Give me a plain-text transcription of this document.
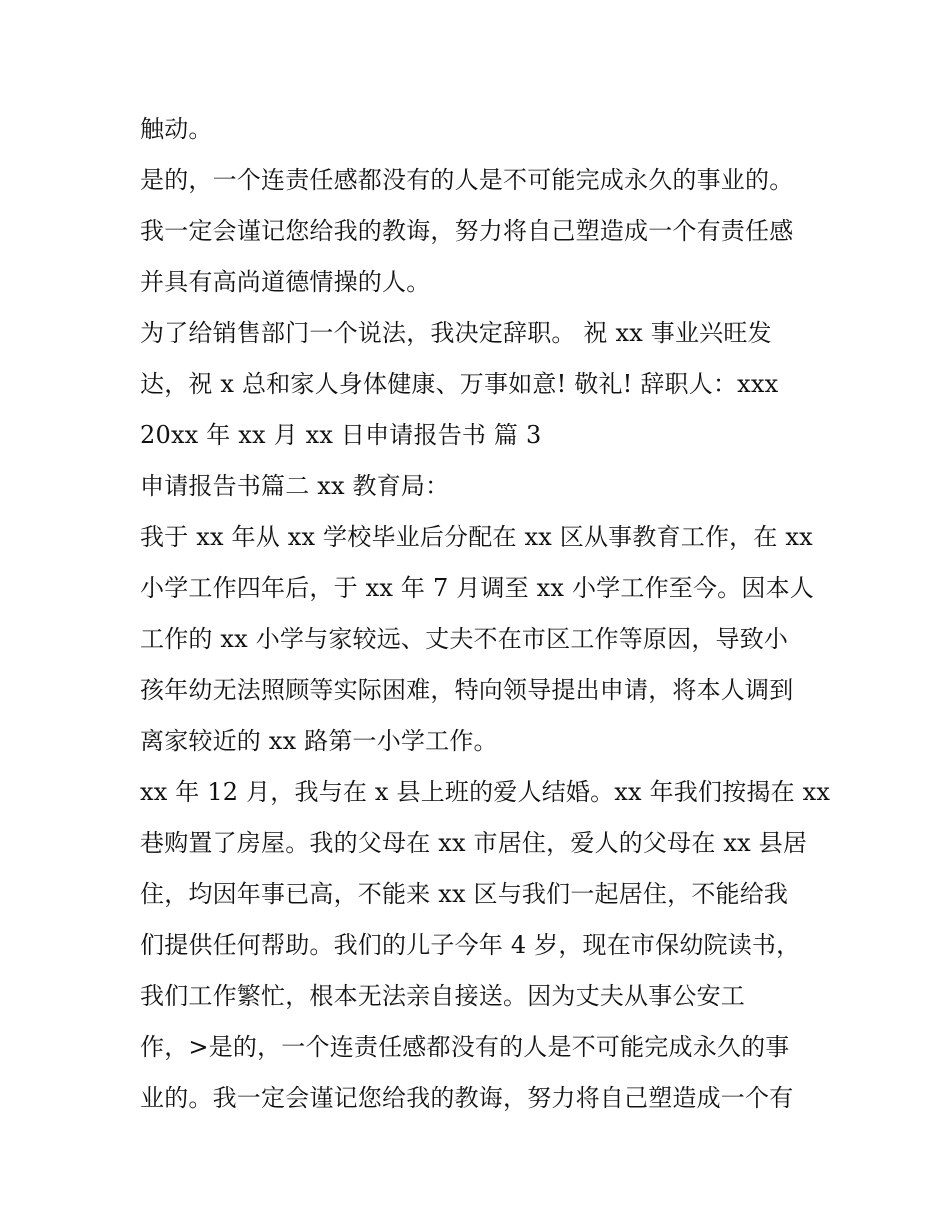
触动。
是的，一个连责任感都没有的人是不可能完成永久的事业的。
我一定会谨记您给我的教诲，努力将自己塑造成一个有责任感
并具有高尚道德情操的人。
为了给销售部门一个说法，我决定辞职。 祝 xx 事业兴旺发
达，祝 x 总和家人身体健康、万事如意! 敬礼! 辞职人：xxx
20xx 年 xx 月 xx 日申请报告书 篇 3
申请报告书篇二 xx 教育局：
我于 xx 年从 xx 学校毕业后分配在 xx 区从事教育工作，在 xx
小学工作四年后，于 xx 年 7 月调至 xx 小学工作至今。因本人
工作的 xx 小学与家较远、丈夫不在市区工作等原因，导致小
孩年幼无法照顾等实际困难，特向领导提出申请，将本人调到
离家较近的 xx 路第一小学工作。
xx 年 12 月，我与在 x 县上班的爱人结婚。xx 年我们按揭在 xx
巷购置了房屋。我的父母在 xx 市居住，爱人的父母在 xx 县居
住，均因年事已高，不能来 xx 区与我们一起居住，不能给我
们提供任何帮助。我们的儿子今年 4 岁，现在市保幼院读书，
我们工作繁忙，根本无法亲自接送。因为丈夫从事公安工
作，>是的，一个连责任感都没有的人是不可能完成永久的事
业的。我一定会谨记您给我的教诲，努力将自己塑造成一个有
